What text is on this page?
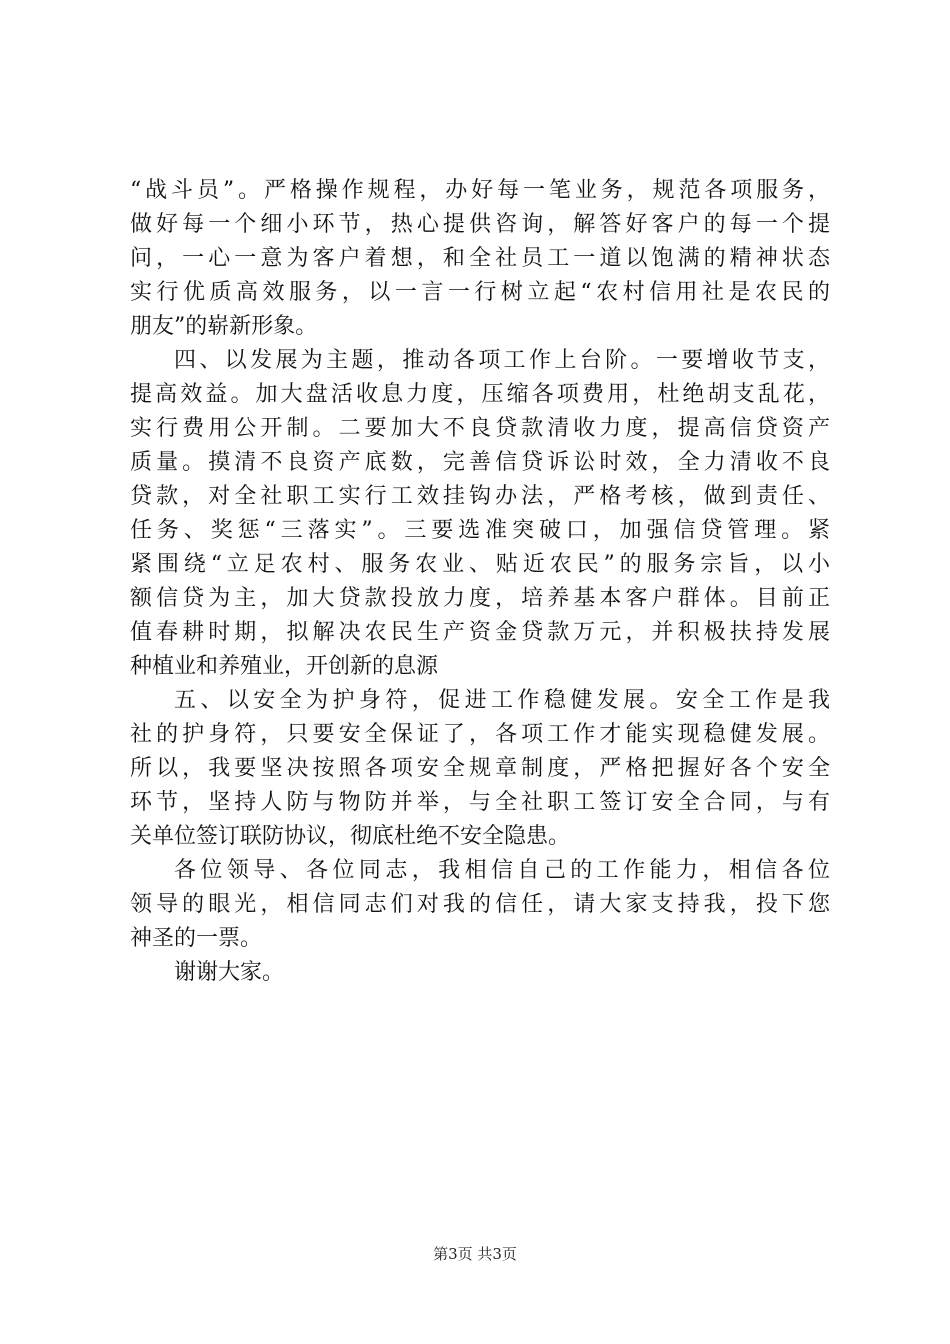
“战斗员”。严格操作规程，办好每一笔业务，规范各项服务，
做好每一个细小环节，热心提供咨询，解答好客户的每一个提
问，一心一意为客户着想，和全社员工一道以饱满的精神状态
实行优质高效服务，以一言一行树立起“农村信用社是农民的
朋友”的崭新形象。
四、以发展为主题，推动各项工作上台阶。一要增收节支，
提高效益。加大盘活收息力度，压缩各项费用，杜绝胡支乱花，
实行费用公开制。二要加大不良贷款清收力度，提高信贷资产
质量。摸清不良资产底数，完善信贷诉讼时效，全力清收不良
贷款，对全社职工实行工效挂钩办法，严格考核，做到责任、
任务、奖惩“三落实”。三要选准突破口，加强信贷管理。紧
紧围绕“立足农村、服务农业、贴近农民”的服务宗旨，以小
额信贷为主，加大贷款投放力度，培养基本客户群体。目前正
值春耕时期，拟解决农民生产资金贷款万元，并积极扶持发展
种植业和养殖业，开创新的息源
五、以安全为护身符，促进工作稳健发展。安全工作是我
社的护身符，只要安全保证了，各项工作才能实现稳健发展。
所以，我要坚决按照各项安全规章制度，严格把握好各个安全
环节，坚持人防与物防并举，与全社职工签订安全合同，与有
关单位签订联防协议，彻底杜绝不安全隐患。
各位领导、各位同志，我相信自己的工作能力，相信各位
领导的眼光，相信同志们对我的信任，请大家支持我，投下您
神圣的一票。
谢谢大家。
第3页 共3页
